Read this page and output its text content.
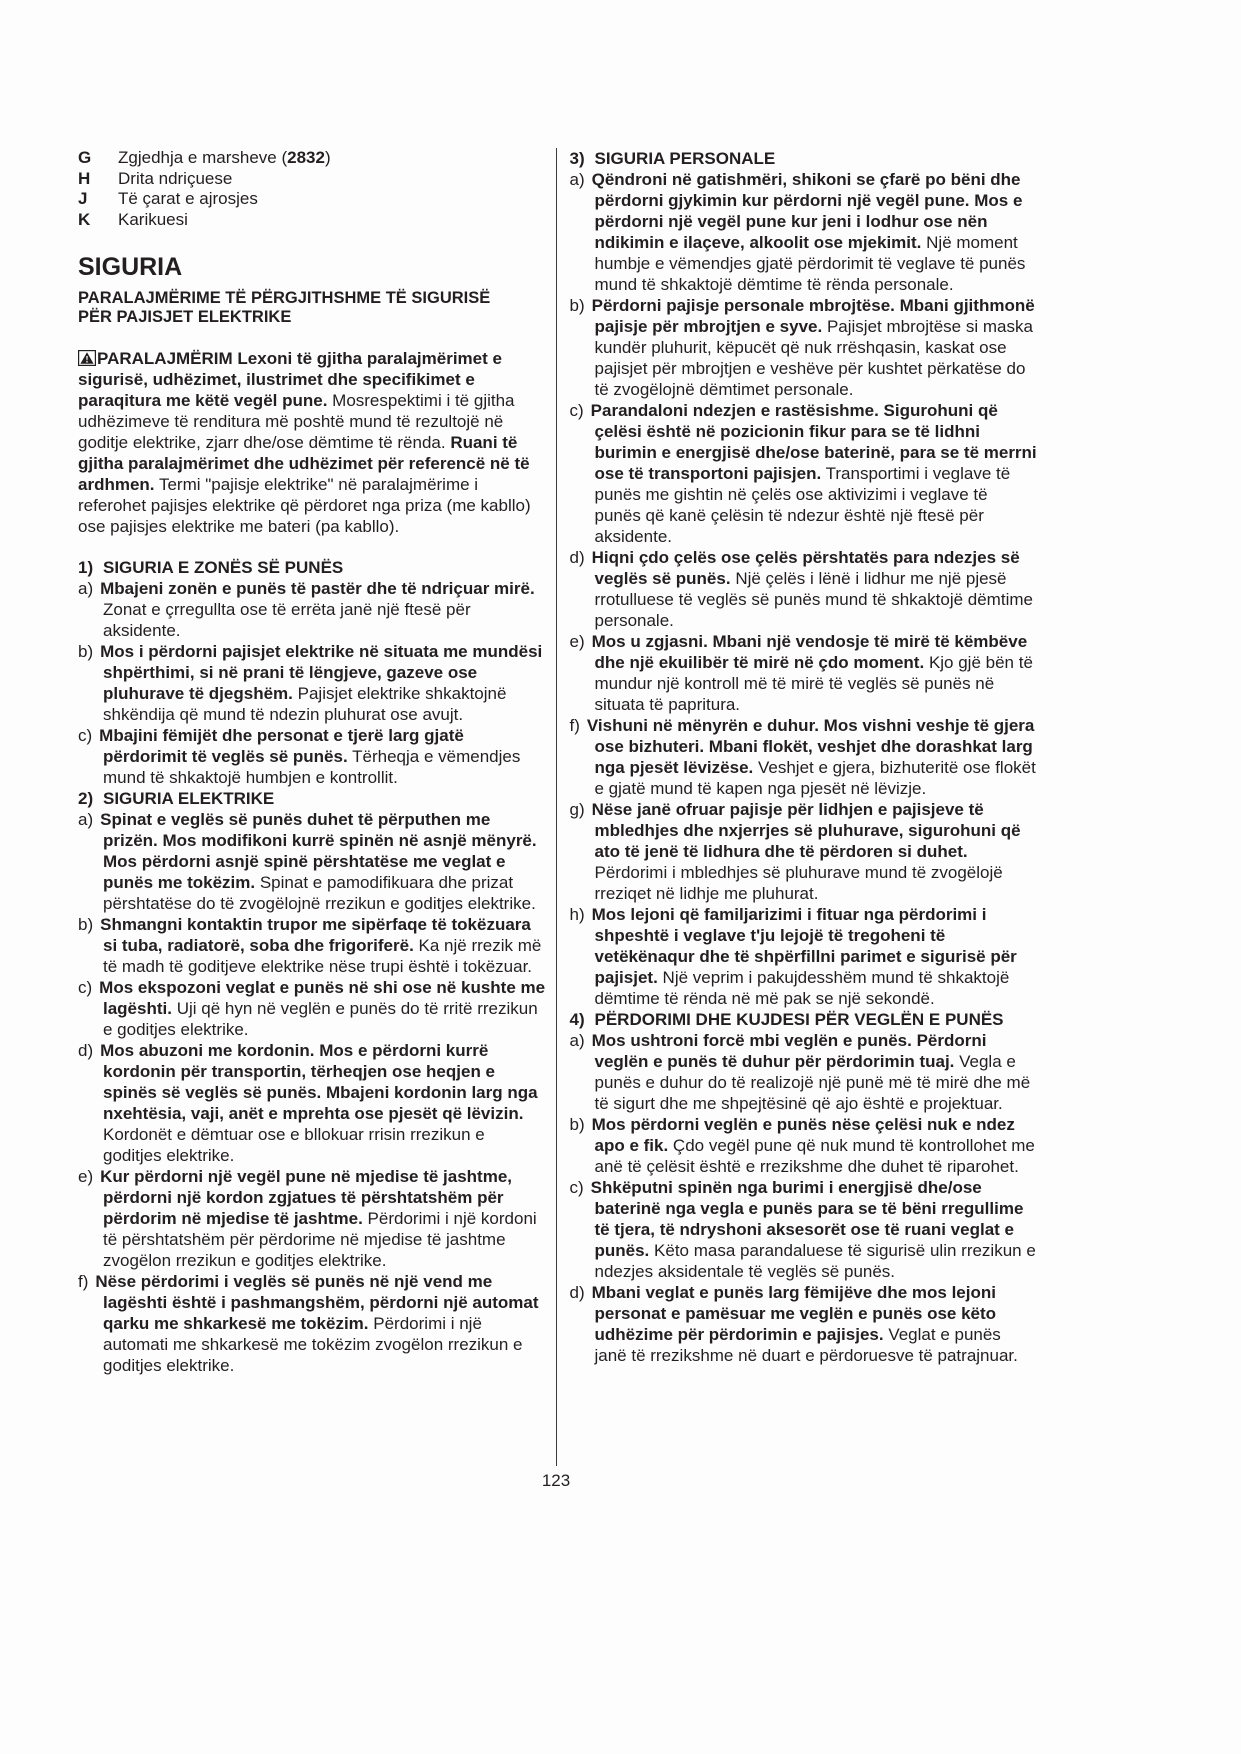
G Zgjedhja e marsheve (2832)
H Drita ndriçuese
J Të çarat e ajrosjes
K Karikuesi
SIGURIA
PARALAJMËRIME TË PËRGJITHSHME TË SIGURISË
PËR PAJISJET ELEKTRIKE

PARALAJMËRIM Lexoni të gjitha paralajmërimet e sigurisë, udhëzimet, ilustrimet dhe specifikimet e paraqitura me këtë vegël pune. Mosrespektimi i të gjitha udhëzimeve të renditura më poshtë mund të rezultojë në goditje elektrike, zjarr dhe/ose dëmtime të rënda. Ruani të gjitha paralajmërimet dhe udhëzimet për referencë në të ardhmen. Termi "pajisje elektrike" në paralajmërime i referohet pajisjes elektrike që përdoret nga priza (me kabllo) ose pajisjes elektrike me bateri (pa kabllo).

1) SIGURIA E ZONËS SË PUNËS
a) Mbajeni zonën e punës të pastër dhe të ndriçuar mirë. Zonat e çrregullta ose të errëta janë një ftesë për aksidente.
b) Mos i përdorni pajisjet elektrike në situata me mundësi shpërthimi, si në prani të lëngjeve, gazeve ose pluhurave të djegshëm. Pajisjet elektrike shkaktojnë shkëndija që mund të ndezin pluhurat ose avujt.
c) Mbajini fëmijët dhe personat e tjerë larg gjatë përdorimit të veglës së punës. Tërheqja e vëmendjes mund të shkaktojë humbjen e kontrollit.
2) SIGURIA ELEKTRIKE
a) Spinat e veglës së punës duhet të përputhen me prizën. Mos modifikoni kurrë spinën në asnjë mënyrë. Mos përdorni asnjë spinë përshtatëse me veglat e punës me tokëzim. Spinat e pamodifikuara dhe prizat përshtatëse do të zvogëlojnë rrezikun e goditjes elektrike.
b) Shmangni kontaktin trupor me sipërfaqe të tokëzuara si tuba, radiatorë, soba dhe frigoriferë. Ka një rrezik më të madh të goditjeve elektrike nëse trupi është i tokëzuar.
c) Mos ekspozoni veglat e punës në shi ose në kushte me lagështi. Uji që hyn në veglën e punës do të rritë rrezikun e goditjes elektrike.
d) Mos abuzoni me kordonin. Mos e përdorni kurrë kordonin për transportin, tërheqjen ose heqjen e spinës së veglës së punës. Mbajeni kordonin larg nga nxehtësia, vaji, anët e mprehta ose pjesët që lëvizin. Kordonët e dëmtuar ose e bllokuar rrisin rrezikun e goditjes elektrike.
e) Kur përdorni një vegël pune në mjedise të jashtme, përdorni një kordon zgjatues të përshtatshëm për përdorim në mjedise të jashtme. Përdorimi i një kordoni të përshtatshëm për përdorime në mjedise të jashtme zvogëlon rrezikun e goditjes elektrike.
f) Nëse përdorimi i veglës së punës në një vend me lagështi është i pashmangshëm, përdorni një automat qarku me shkarkesë me tokëzim. Përdorimi i një automati me shkarkesë me tokëzim zvogëlon rrezikun e goditjes elektrike.
3) SIGURIA PERSONALE
a) Qëndroni në gatishmëri, shikoni se çfarë po bëni dhe përdorni gjykimin kur përdorni një vegël pune. Mos e përdorni një vegël pune kur jeni i lodhur ose nën ndikimin e ilaçeve, alkoolit ose mjekimit. Një moment humbje e vëmendjes gjatë përdorimit të veglave të punës mund të shkaktojë dëmtime të rënda personale.
b) Përdorni pajisje personale mbrojtëse. Mbani gjithmonë pajisje për mbrojtjen e syve. Pajisjet mbrojtëse si maska kundër pluhurit, këpucët që nuk rrëshqasin, kaskat ose pajisjet për mbrojtjen e veshëve për kushtet përkatëse do të zvogëlojnë dëmtimet personale.
c) Parandaloni ndezjen e rastësishme. Sigurohuni që çelësi është në pozicionin fikur para se të lidhni burimin e energjisë dhe/ose baterinë, para se të merrni ose të transportoni pajisjen. Transportimi i veglave të punës me gishtin në çelës ose aktivizimi i veglave të punës që kanë çelësin të ndezur është një ftesë për aksidente.
d) Hiqni çdo çelës ose çelës përshtatës para ndezjes së veglës së punës. Një çelës i lënë i lidhur me një pjesë rrotulluese të veglës së punës mund të shkaktojë dëmtime personale.
e) Mos u zgjasni. Mbani një vendosje të mirë të këmbëve dhe një ekuilibër të mirë në çdo moment. Kjo gjë bën të mundur një kontroll më të mirë të veglës së punës në situata të papritura.
f) Vishuni në mënyrën e duhur. Mos vishni veshje të gjera ose bizhuteri. Mbani flokët, veshjet dhe dorashkat larg nga pjesët lëvizëse. Veshjet e gjera, bizhuteritë ose flokët e gjatë mund të kapen nga pjesët në lëvizje.
g) Nëse janë ofruar pajisje për lidhjen e pajisjeve të mbledhjes dhe nxjerrjes së pluhurave, sigurohuni që ato të jenë të lidhura dhe të përdoren si duhet. Përdorimi i mbledhjes së pluhurave mund të zvogëlojë rreziqet në lidhje me pluhurat.
h) Mos lejoni që familjarizimi i fituar nga përdorimi i shpeshtë i veglave t'ju lejojë të tregoheni të vetëkënaqur dhe të shpërfillni parimet e sigurisë për pajisjet. Një veprim i pakujdesshëm mund të shkaktojë dëmtime të rënda në më pak se një sekondë.
4) PËRDORIMI DHE KUJDESI PËR VEGLËN E PUNËS
a) Mos ushtroni forcë mbi veglën e punës. Përdorni veglën e punës të duhur për përdorimin tuaj. Vegla e punës e duhur do të realizojë një punë më të mirë dhe më të sigurt dhe me shpejtësinë që ajo është e projektuar.
b) Mos përdorni veglën e punës nëse çelësi nuk e ndez apo e fik. Çdo vegël pune që nuk mund të kontrollohet me anë të çelësit është e rrezikshme dhe duhet të riparohet.
c) Shkëputni spinën nga burimi i energjisë dhe/ose baterinë nga vegla e punës para se të bëni rregullime të tjera, të ndryshoni aksesorët ose të ruani veglat e punës. Këto masa parandaluese të sigurisë ulin rrezikun e ndezjes aksidentale të veglës së punës.
d) Mbani veglat e punës larg fëmijëve dhe mos lejoni personat e pamësuar me veglën e punës ose këto udhëzime për përdorimin e pajisjes. Veglat e punës janë të rrezikshme në duart e përdoruesve të patrajnuar.
123
